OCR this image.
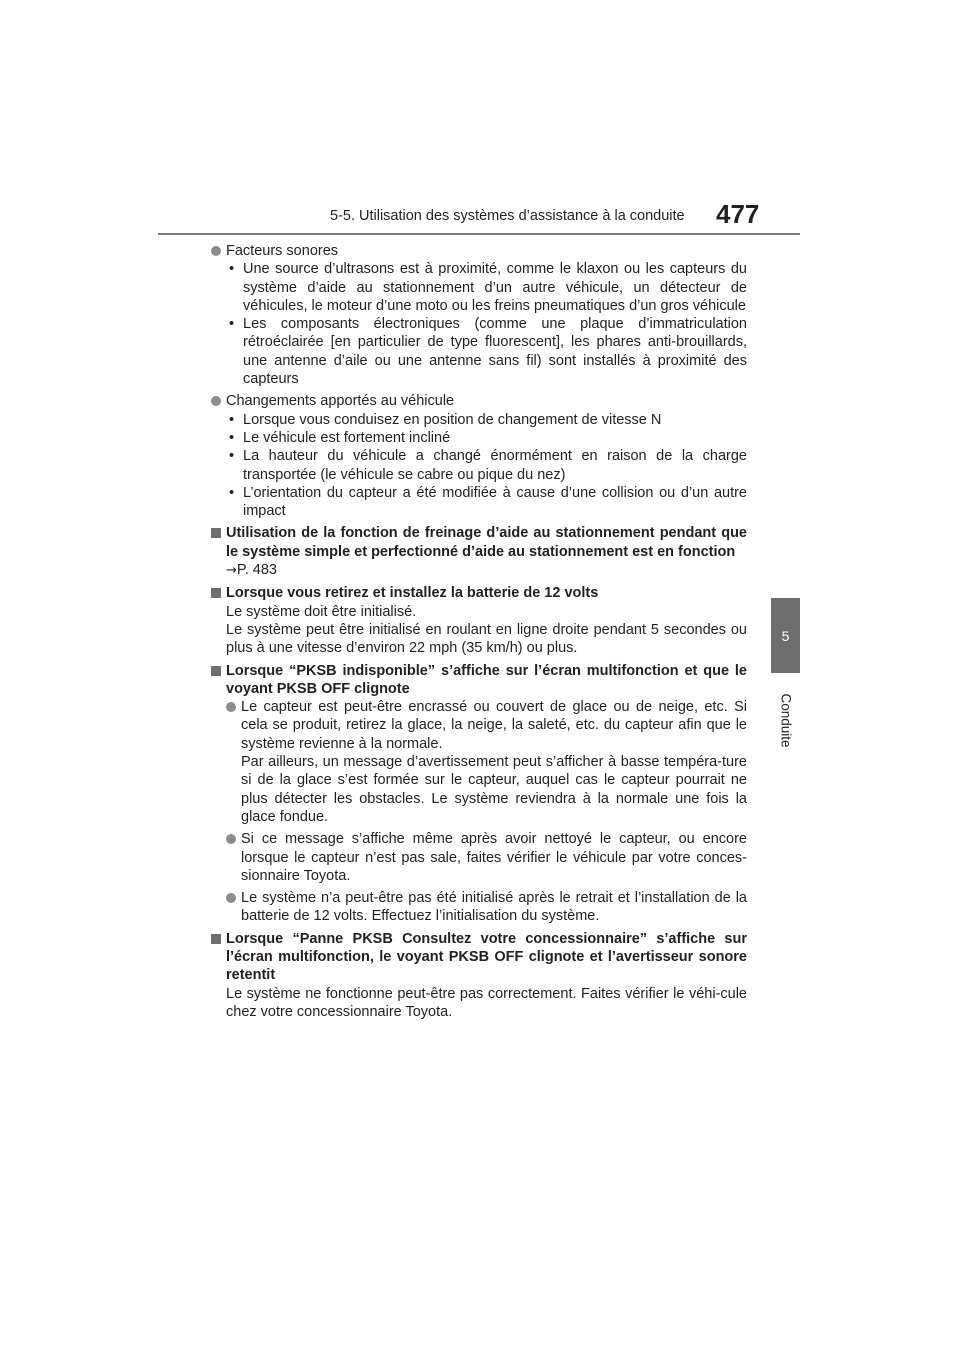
5-5. Utilisation des systèmes d’assistance à la conduite 477
5
Conduite

Facteurs sonores

• Une source d’ultrasons est à proximité, comme le klaxon ou les capteurs du système d’aide au stationnement d’un autre véhicule, un détecteur de véhicules, le moteur d’une moto ou les freins pneumatiques d’un gros véhicule
• Les composants électroniques (comme une plaque d’immatriculation rétroéclairée [en particulier de type fluorescent], les phares anti-brouillards, une antenne d’aile ou une antenne sans fil) sont installés à proximité des capteurs

Changements apportés au véhicule

• Lorsque vous conduisez en position de changement de vitesse N
• Le véhicule est fortement incliné
• La hauteur du véhicule a changé énormément en raison de la charge transportée (le véhicule se cabre ou pique du nez)
• L’orientation du capteur a été modifiée à cause d’une collision ou d’un autre impact

Utilisation de la fonction de freinage d’aide au stationnement pendant que le système simple et perfectionné d’aide au stationnement est en fonction

→P. 483

Lorsque vous retirez et installez la batterie de 12 volts

Le système doit être initialisé.

Le système peut être initialisé en roulant en ligne droite pendant 5 secondes ou plus à une vitesse d’environ 22 mph (35 km/h) ou plus.

Lorsque “PKSB indisponible” s’affiche sur l’écran multifonction et que le voyant PKSB OFF clignote

Le capteur est peut-être encrassé ou couvert de glace ou de neige, etc. Si cela se produit, retirez la glace, la neige, la saleté, etc. du capteur afin que le système revienne à la normale.

Par ailleurs, un message d’avertissement peut s’afficher à basse tempéra-ture si de la glace s’est formée sur le capteur, auquel cas le capteur pourrait ne plus détecter les obstacles. Le système reviendra à la normale une fois la glace fondue.

Si ce message s’affiche même après avoir nettoyé le capteur, ou encore lorsque le capteur n’est pas sale, faites vérifier le véhicule par votre conces-sionnaire Toyota.

Le système n’a peut-être pas été initialisé après le retrait et l’installation de la batterie de 12 volts. Effectuez l’initialisation du système.

Lorsque “Panne PKSB Consultez votre concessionnaire” s’affiche sur l’écran multifonction, le voyant PKSB OFF clignote et l’avertisseur sonore retentit

Le système ne fonctionne peut-être pas correctement. Faites vérifier le véhi-cule chez votre concessionnaire Toyota.
